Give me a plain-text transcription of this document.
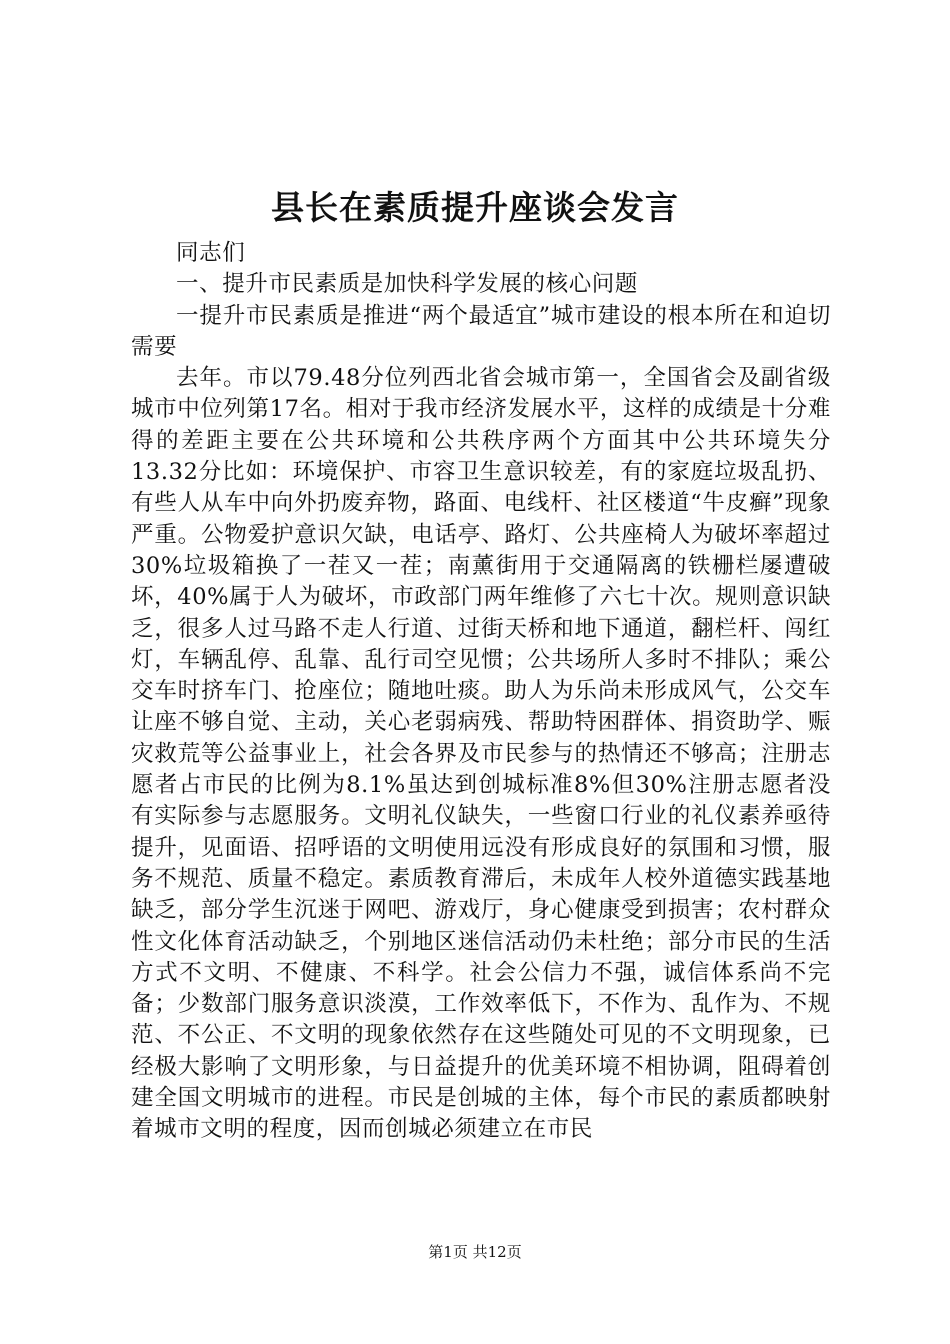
县长在素质提升座谈会发言

同志们

一、提升市民素质是加快科学发展的核心问题

一提升市民素质是推进“两个最适宜”城市建设的根本所在和迫切需要

去年。市以79.48分位列西北省会城市第一，全国省会及副省级城市中位列第17名。相对于我市经济发展水平，这样的成绩是十分难得的差距主要在公共环境和公共秩序两个方面其中公共环境失分13.32分比如：环境保护、市容卫生意识较差，有的家庭垃圾乱扔、有些人从车中向外扔废弃物，路面、电线杆、社区楼道“牛皮癣”现象严重。公物爱护意识欠缺，电话亭、路灯、公共座椅人为破坏率超过30%垃圾箱换了一茬又一茬；南薰街用于交通隔离的铁栅栏屡遭破坏，40%属于人为破坏，市政部门两年维修了六七十次。规则意识缺乏，很多人过马路不走人行道、过街天桥和地下通道，翻栏杆、闯红灯，车辆乱停、乱靠、乱行司空见惯；公共场所人多时不排队；乘公交车时挤车门、抢座位；随地吐痰。助人为乐尚未形成风气，公交车让座不够自觉、主动，关心老弱病残、帮助特困群体、捐资助学、赈灾救荒等公益事业上，社会各界及市民参与的热情还不够高；注册志愿者占市民的比例为8.1%虽达到创城标准8%但30%注册志愿者没有实际参与志愿服务。文明礼仪缺失，一些窗口行业的礼仪素养亟待提升，见面语、招呼语的文明使用远没有形成良好的氛围和习惯，服务不规范、质量不稳定。素质教育滞后，未成年人校外道德实践基地缺乏，部分学生沉迷于网吧、游戏厅，身心健康受到损害；农村群众性文化体育活动缺乏，个别地区迷信活动仍未杜绝；部分市民的生活方式不文明、不健康、不科学。社会公信力不强，诚信体系尚不完备；少数部门服务意识淡漠，工作效率低下，不作为、乱作为、不规范、不公正、不文明的现象依然存在这些随处可见的不文明现象，已经极大影响了文明形象，与日益提升的优美环境不相协调，阻碍着创建全国文明城市的进程。市民是创城的主体，每个市民的素质都映射着城市文明的程度，因而创城必须建立在市民

第1页 共12页
